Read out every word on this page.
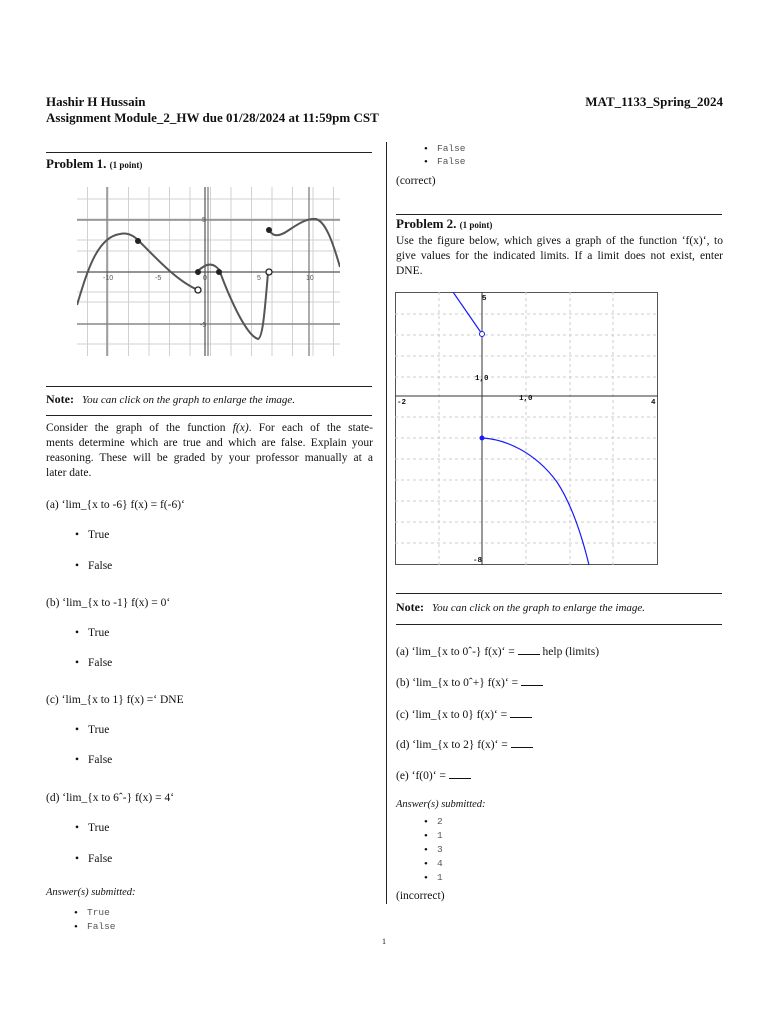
Hashir H Hussain
Assignment Module_2_HW due 01/28/2024 at 11:59pm CST
MAT_1133_Spring_2024
Problem 1. (1 point)
-10	-5	0	5	10
5
-5
Note: You can click on the graph to enlarge the image.
Consider the graph of the function f(x). For each of the state-
ments determine which are true and which are false. Explain your
reasoning. These will be graded by your professor manually at a
later date.
(a) ‘lim_{x to -6} f(x) = f(-6)‘
• True
• False
(b) ‘lim_{x to -1} f(x) = 0‘
• True
• False
(c) ‘lim_{x to 1} f(x) =‘ DNE
• True
• False
(d) ‘lim_{x to 6ˆ-} f(x) = 4‘
• True
• False
Answer(s) submitted:
• True
• False
• False
• False
(correct)
Problem 2. (1 point)
Use the figure below, which gives a graph of the function ‘f(x)‘, to
give values for the indicated limits. If a limit does not exist, enter
DNE.
-2	1,0	4
5
1,0
-8
Note: You can click on the graph to enlarge the image.
(a) ‘lim_{x to 0ˆ-} f(x)‘ = help (limits)
(b) ‘lim_{x to 0ˆ+} f(x)‘ =
(c) ‘lim_{x to 0} f(x)‘ =
(d) ‘lim_{x to 2} f(x)‘ =
(e) ‘f(0)‘ =
Answer(s) submitted:
• 2
• 1
• 3
• 4
• 1
(incorrect)
1
